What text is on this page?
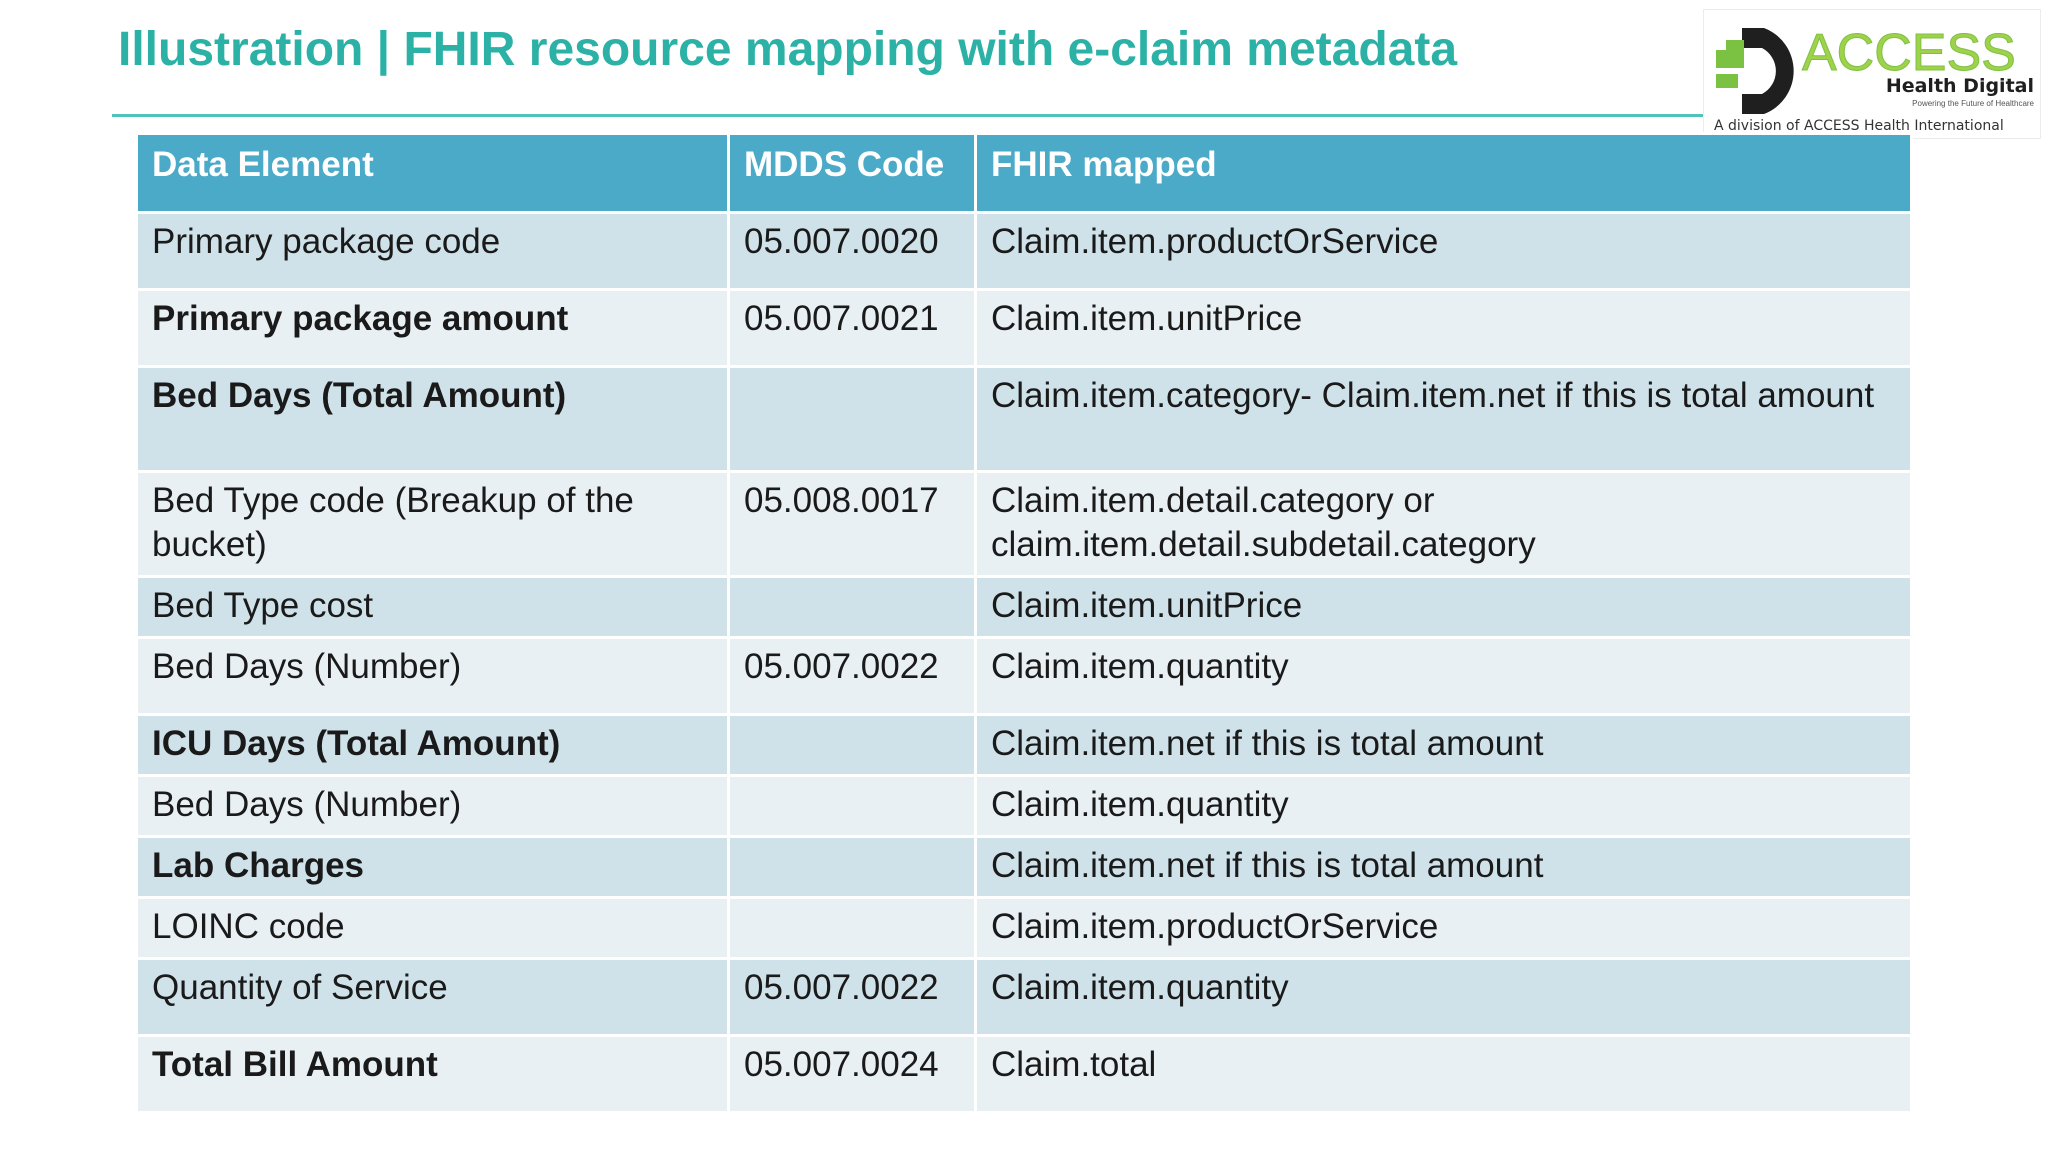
Illustration | FHIR resource mapping with e-claim metadata	ACCESS
Health Digital
Powering the Future of Healthcare
A division of ACCESS Health International
Data Element	MDDS Code	FHIR mapped
Primary package code	05.007.0020	Claim.item.productOrService
Primary package amount	05.007.0021	Claim.item.unitPrice
Bed Days (Total Amount)		Claim.item.category- Claim.item.net if this is total amount
Bed Type code (Breakup of the bucket)	05.008.0017	Claim.item.detail.category or claim.item.detail.subdetail.category
Bed Type cost		Claim.item.unitPrice
Bed Days (Number)	05.007.0022	Claim.item.quantity
ICU Days (Total Amount)		Claim.item.net if this is total amount
Bed Days (Number)		Claim.item.quantity
Lab Charges		Claim.item.net if this is total amount
LOINC code		Claim.item.productOrService
Quantity of Service	05.007.0022	Claim.item.quantity
Total Bill Amount	05.007.0024	Claim.total
